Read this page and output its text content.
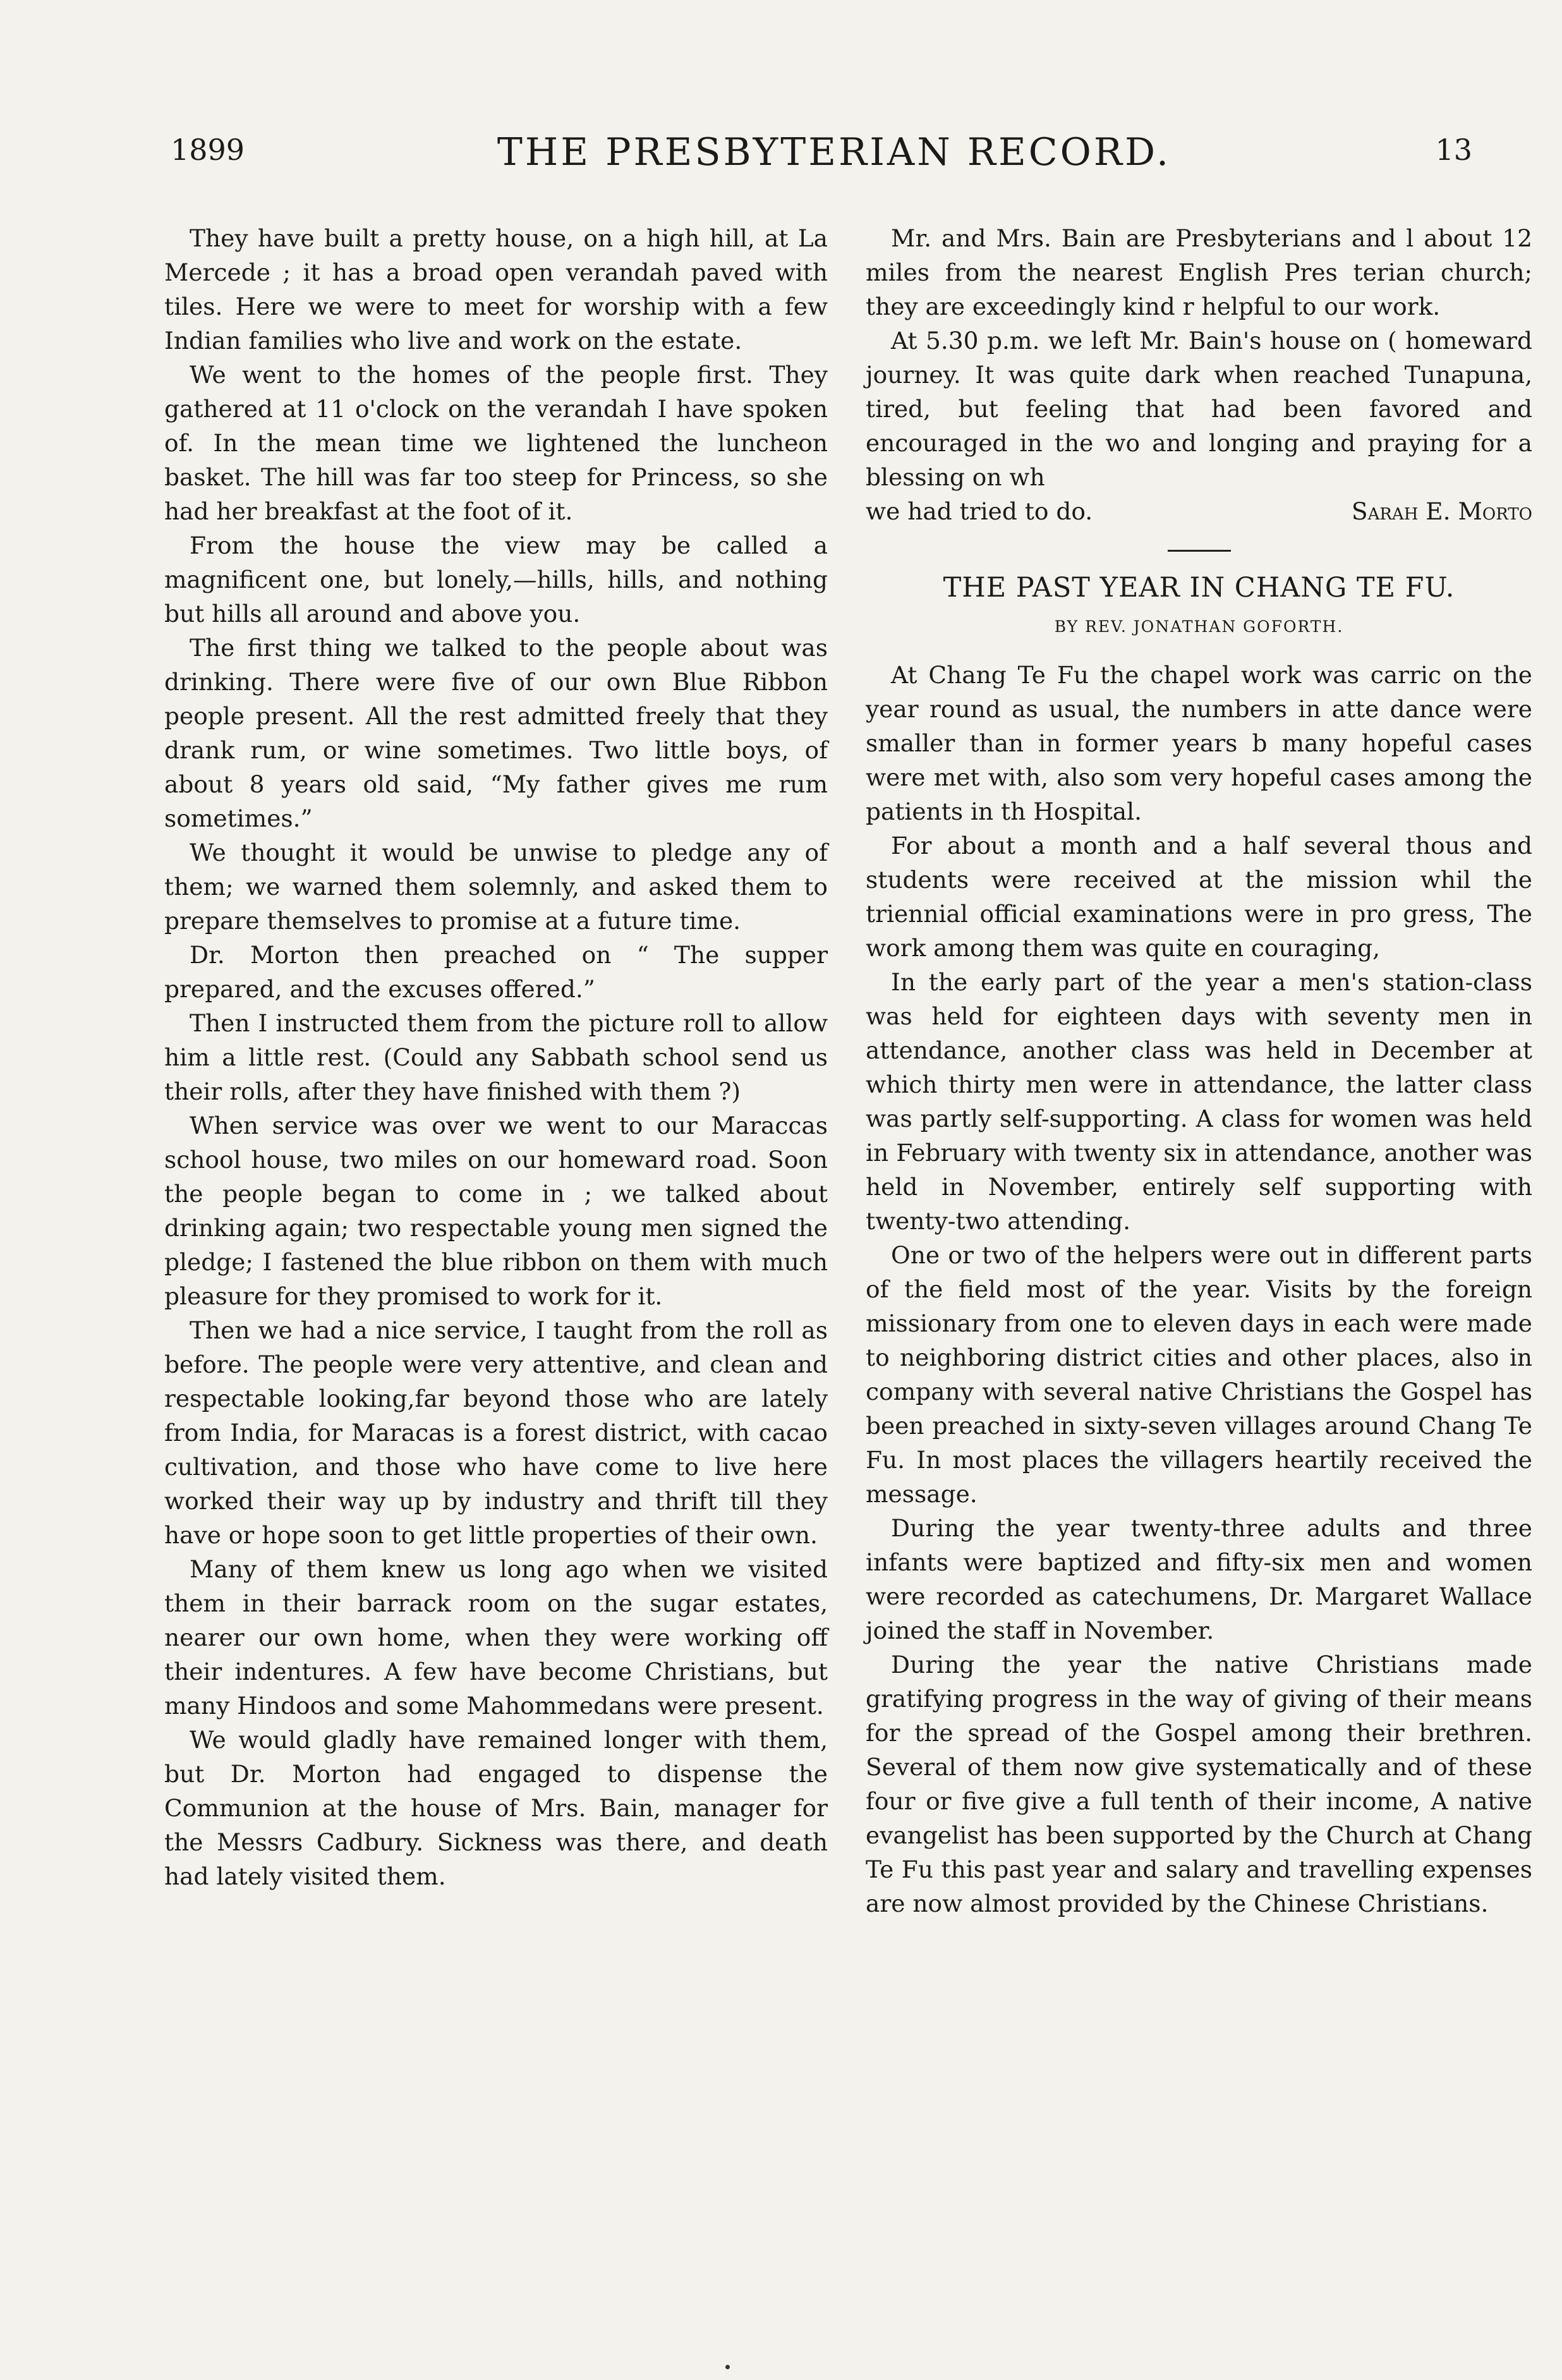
1899	THE PRESBYTERIAN RECORD.	13

They have built a pretty house, on a high hill, at La Mercede ; it has a broad open verandah paved with tiles. Here we were to meet for worship with a few Indian families who live and work on the estate.

We went to the homes of the people first. They gathered at 11 o'clock on the verandah I have spoken of. In the mean time we lightened the luncheon basket. The hill was far too steep for Princess, so she had her breakfast at the foot of it.

From the house the view may be called a magnificent one, but lonely,—hills, hills, and nothing but hills all around and above you.

The first thing we talked to the people about was drinking. There were five of our own Blue Ribbon people present. All the rest admitted freely that they drank rum, or wine sometimes. Two little boys, of about 8 years old said, “My father gives me rum sometimes.”

We thought it would be unwise to pledge any of them; we warned them solemnly, and asked them to prepare themselves to promise at a future time.

Dr. Morton then preached on “ The supper prepared, and the excuses offered.”

Then I instructed them from the picture roll to allow him a little rest. (Could any Sabbath school send us their rolls, after they have finished with them ?)

When service was over we went to our Maraccas school house, two miles on our homeward road. Soon the people began to come in ; we talked about drinking again; two respectable young men signed the pledge; I fastened the blue ribbon on them with much pleasure for they promised to work for it.

Then we had a nice service, I taught from the roll as before. The people were very attentive, and clean and respectable looking,far beyond those who are lately from India, for Maracas is a forest district, with cacao cultivation, and those who have come to live here worked their way up by industry and thrift till they have or hope soon to get little properties of their own.

Many of them knew us long ago when we visited them in their barrack room on the sugar estates, nearer our own home, when they were working off their indentures. A few have become Christians, but many Hindoos and some Mahommedans were present.

We would gladly have remained longer with them, but Dr. Morton had engaged to dispense the Communion at the house of Mrs. Bain, manager for the Messrs Cadbury. Sickness was there, and death had lately visited them.

Mr. and Mrs. Bain are Presbyterians and l about 12 miles from the nearest English Pres terian church; they are exceedingly kind r helpful to our work.

At 5.30 p.m. we left Mr. Bain's house on ( homeward journey. It was quite dark when reached Tunapuna, tired, but feeling that had been favored and encouraged in the wo and longing and praying for a blessing on wh

we had tried to do.	Sarah E. Morto
THE PAST YEAR IN CHANG TE FU.
BY REV. JONATHAN GOFORTH.

At Chang Te Fu the chapel work was carric on the year round as usual, the numbers in atte dance were smaller than in former years b many hopeful cases were met with, also som very hopeful cases among the patients in th Hospital.

For about a month and a half several thous and students were received at the mission whil the triennial official examinations were in pro gress, The work among them was quite en couraging,

In the early part of the year a men's station-class was held for eighteen days with seventy men in attendance, another class was held in December at which thirty men were in attendance, the latter class was partly self-supporting. A class for women was held in February with twenty six in attendance, another was held in November, entirely self supporting with twenty-two attending.

One or two of the helpers were out in different parts of the field most of the year. Visits by the foreign missionary from one to eleven days in each were made to neighboring district cities and other places, also in company with several native Christians the Gospel has been preached in sixty-seven villages around Chang Te Fu. In most places the villagers heartily received the message.

During the year twenty-three adults and three infants were baptized and fifty-six men and women were recorded as catechumens, Dr. Margaret Wallace joined the staff in November.

During the year the native Christians made gratifying progress in the way of giving of their means for the spread of the Gospel among their brethren. Several of them now give systematically and of these four or five give a full tenth of their income, A native evangelist has been supported by the Church at Chang Te Fu this past year and salary and travelling expenses are now almost provided by the Chinese Christians.
